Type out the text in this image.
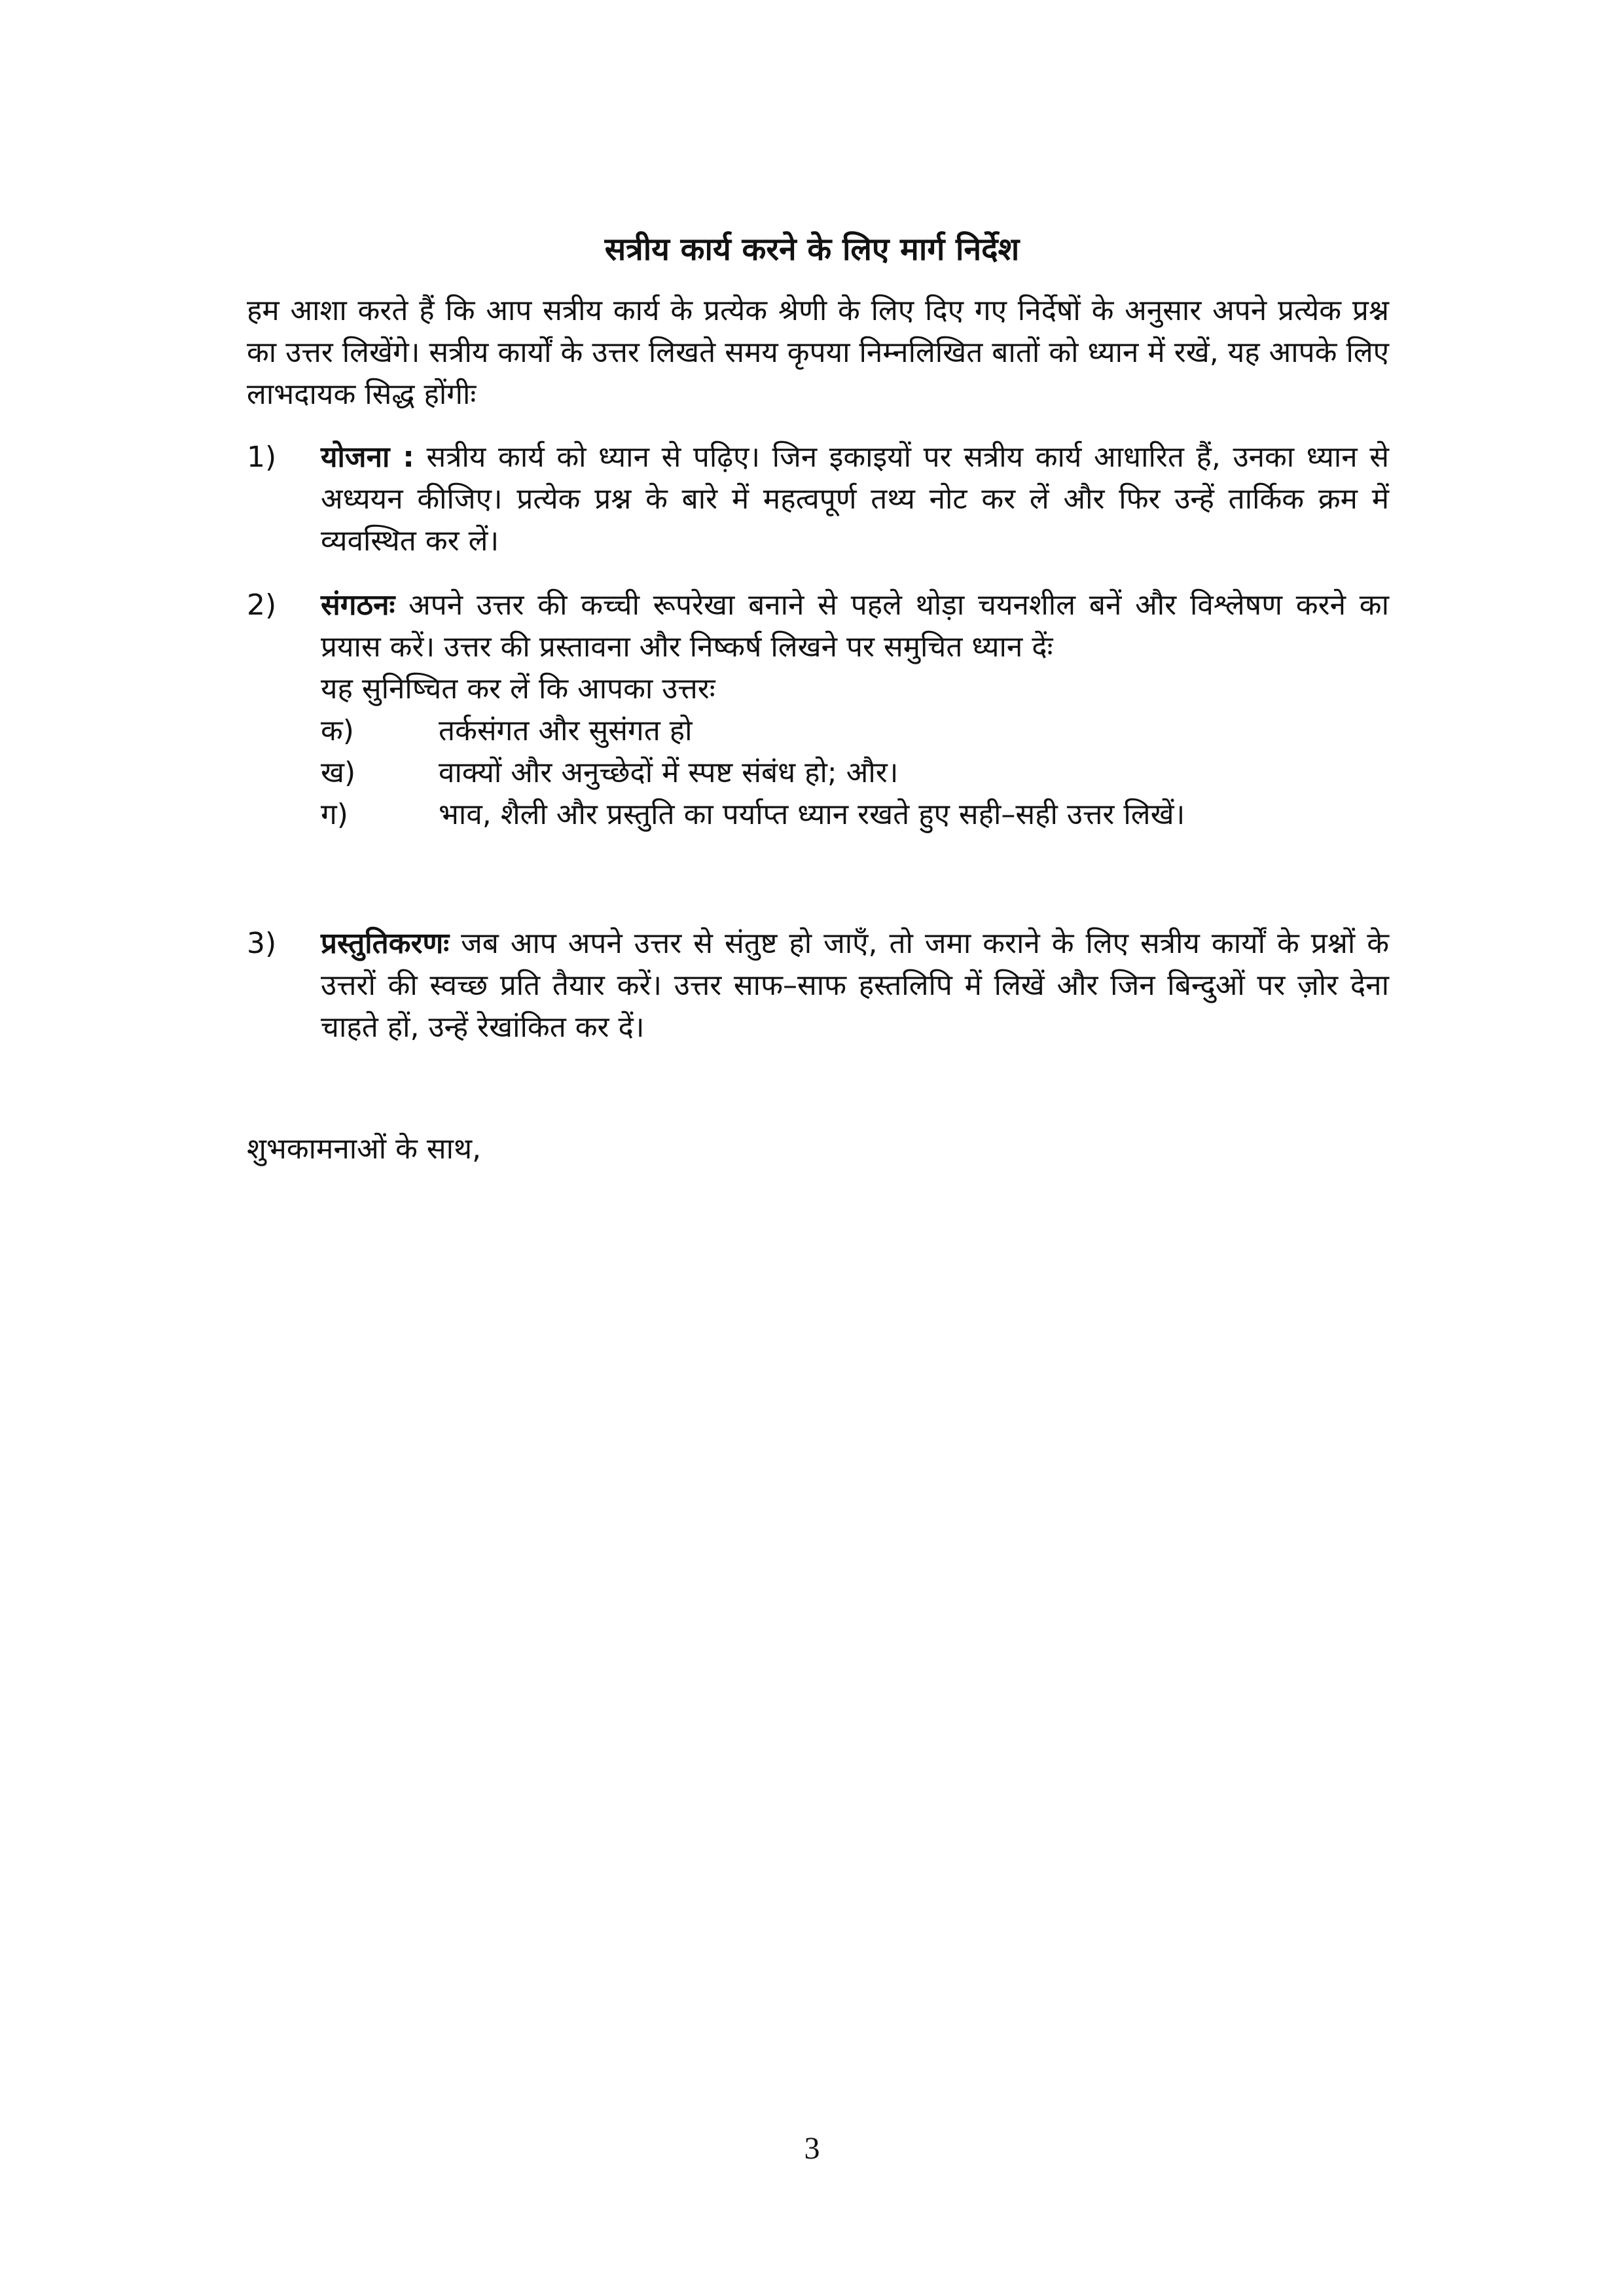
सत्रीय कार्य करने के लिए मार्ग निर्देश
हम आशा करते हैं कि आप सत्रीय कार्य के प्रत्येक श्रेणी के लिए दिए गए निर्देषों के अनुसार अपने प्रत्येक प्रश्न का उत्तर लिखेंगे। सत्रीय कार्यों के उत्तर लिखते समय कृपया निम्नलिखित बातों को ध्यान में रखें, यह आपके लिए लाभदायक सिद्ध होंगीः
1)	योजना : सत्रीय कार्य को ध्यान से पढ़िए। जिन इकाइयों पर सत्रीय कार्य आधारित हैं, उनका ध्यान से अध्ययन कीजिए। प्रत्येक प्रश्न के बारे में महत्वपूर्ण तथ्य नोट कर लें और फिर उन्हें तार्किक क्रम में व्यवस्थित कर लें।
2)	संगठनः अपने उत्तर की कच्ची रूपरेखा बनाने से पहले थोड़ा चयनशील बनें और विश्लेषण करने का प्रयास करें। उत्तर की प्रस्तावना और निष्कर्ष लिखने पर समुचित ध्यान देंः
यह सुनिष्चित कर लें कि आपका उत्तरः
क)	तर्कसंगत और सुसंगत हो
ख)	वाक्यों और अनुच्छेदों में स्पष्ट संबंध हो; और।
ग)	भाव, शैली और प्रस्तुति का पर्याप्त ध्यान रखते हुए सही–सही उत्तर लिखें।
3)	प्रस्तुतिकरणः जब आप अपने उत्तर से संतुष्ट हो जाएँ, तो जमा कराने के लिए सत्रीय कार्यों के प्रश्नों के उत्तरों की स्वच्छ प्रति तैयार करें। उत्तर साफ–साफ हस्तलिपि में लिखें और जिन बिन्दुओं पर ज़ोर देना चाहते हों, उन्हें रेखांकित कर दें।
शुभकामनाओं के साथ,
3
